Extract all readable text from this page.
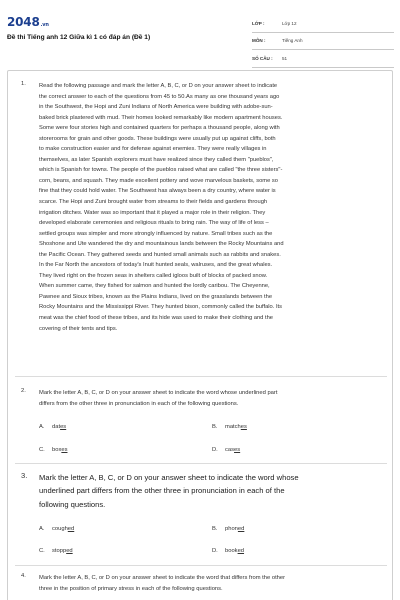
2048.vn
Đề thi Tiếng anh 12 Giữa kì 1 có đáp án (Đề 1)
LỚP :	Lớp 12
MÔN :	Tiếng Anh
SỐ CÂU :	51
1. Read the following passage and mark the letter A, B, C, or D on your answer sheet to indicate
the correct answer to each of the questions from 45 to 50.As many as one thousand years ago
in the Southwest, the Hopi and Zuni Indians of North America were building with adobe-sun-
baked brick plastered with mud. Their homes looked remarkably like modern apartment houses.
Some were four stories high and contained quarters for perhaps a thousand people, along with
storerooms for grain and other goods. These buildings were usually put up against cliffs, both
to make construction easier and for defense against enemies. They were really villages in
themselves, as later Spanish explorers must have realized since they called them "pueblos",
which is Spanish for towns. The people of the pueblos raised what are called "the three sisters"-
corn, beans, and squash. They made excellent pottery and wove marvelous baskets, some so
fine that they could hold water. The Southwest has always been a dry country, where water is
scarce. The Hopi and Zuni brought water from streams to their fields and gardens through
irrigation ditches. Water was so important that it played a major role in their religion. They
developed elaborate ceremonies and religious rituals to bring rain. The way of life of less –
settled groups was simpler and more strongly influenced by nature. Small tribes such as the
Shoshone and Ute wandered the dry and mountainous lands between the Rocky Mountains and
the Pacific Ocean. They gathered seeds and hunted small animals such as rabbits and snakes.
In the Far North the ancestors of today's Inuit hunted seals, walruses, and the great whales.
They lived right on the frozen seas in shelters called igloos built of blocks of packed snow.
When summer came, they fished for salmon and hunted the lordly caribou. The Cheyenne,
Pawnee and Sioux tribes, known as the Plains Indians, lived on the grasslands between the
Rocky Mountains and the Mississippi River. They hunted bison, commonly called the buffalo. Its
meat was the chief food of these tribes, and its hide was used to make their clothing and the
covering of their tents and tips.
2. Mark the letter A, B, C, or D on your answer sheet to indicate the word whose underlined part
differs from the other three in pronunciation in each of the following questions.
A. dates	B. matches
C. boxes	D. cases
3. Mark the letter A, B, C, or D on your answer sheet to indicate the word whose
underlined part differs from the other three in pronunciation in each of the
following questions.
A. coughed	B. phoned
C. stopped	D. booked
4. Mark the letter A, B, C, or D on your answer sheet to indicate the word that differs from the other
three in the position of primary stress in each of the following questions.
